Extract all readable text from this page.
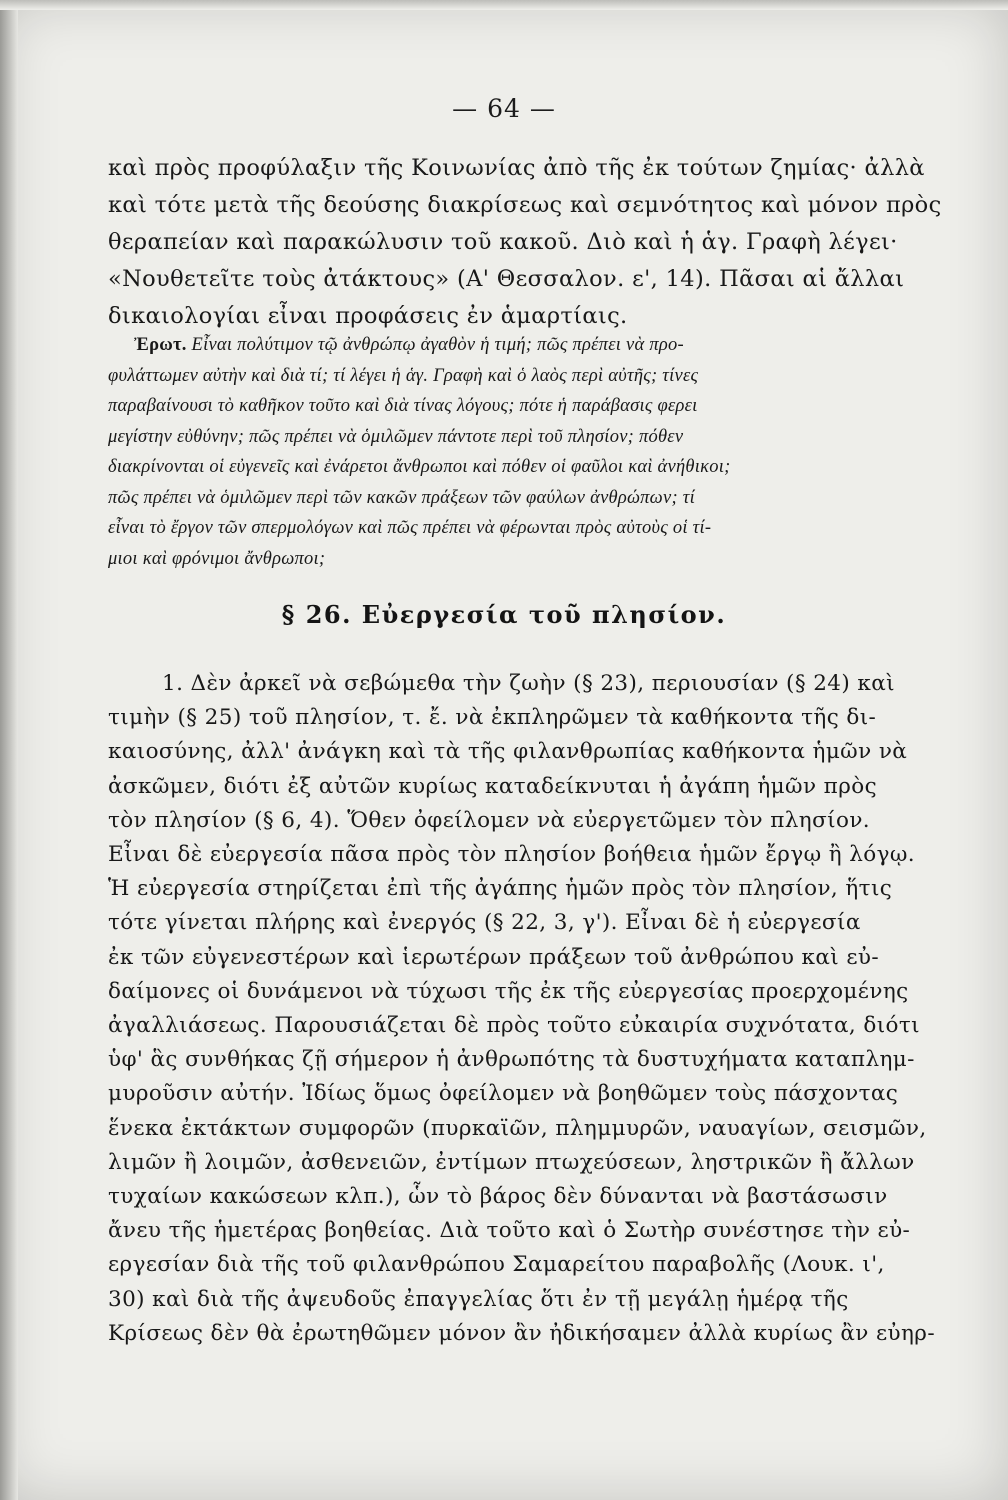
— 64 —
καὶ πρὸς προφύλαξιν τῆς Κοινωνίας ἀπὸ τῆς ἐκ τούτων ζημίας· ἀλλὰ
καὶ τότε μετὰ τῆς δεούσης διακρίσεως καὶ σεμνότητος καὶ μόνον πρὸς
θεραπείαν καὶ παρακώλυσιν τοῦ κακοῦ. Διὸ καὶ ἡ ἁγ. Γραφὴ λέγει·
«Νουθετεῖτε τοὺς ἀτάκτους» (Α' Θεσσαλον. ε', 14). Πᾶσαι αἱ ἄλλαι
δικαιολογίαι εἶναι προφάσεις ἐν ἁμαρτίαις.
Ἐρωτ. Εἶναι πολύτιμον τῷ ἀνθρώπῳ ἀγαθὸν ἡ τιμή; πῶς πρέπει νὰ προ-
φυλάττωμεν αὐτὴν καὶ διὰ τί; τί λέγει ἡ ἁγ. Γραφὴ καὶ ὁ λαὸς περὶ αὐτῆς; τίνες
παραβαίνουσι τὸ καθῆκον τοῦτο καὶ διὰ τίνας λόγους; πότε ἡ παράβασις φερει
μεγίστην εὐθύνην; πῶς πρέπει νὰ ὁμιλῶμεν πάντοτε περὶ τοῦ πλησίον; πόθεν
διακρίνονται οἱ εὐγενεῖς καὶ ἐνάρετοι ἄνθρωποι καὶ πόθεν οἱ φαῦλοι καὶ ἀνήθικοι;
πῶς πρέπει νὰ ὁμιλῶμεν περὶ τῶν κακῶν πράξεων τῶν φαύλων ἀνθρώπων; τί
εἶναι τὸ ἔργον τῶν σπερμολόγων καὶ πῶς πρέπει νὰ φέρωνται πρὸς αὐτοὺς οἱ τί-
μιοι καὶ φρόνιμοι ἄνθρωποι;
§ 26. Εὐεργεσία τοῦ πλησίον.
1. Δὲν ἀρκεῖ νὰ σεβώμεθα τὴν ζωὴν (§ 23), περιουσίαν (§ 24) καὶ
τιμὴν (§ 25) τοῦ πλησίον, τ. ἔ. νὰ ἐκπληρῶμεν τὰ καθήκοντα τῆς δι-
καιοσύνης, ἀλλ' ἀνάγκη καὶ τὰ τῆς φιλανθρωπίας καθήκοντα ἡμῶν νὰ
ἀσκῶμεν, διότι ἐξ αὐτῶν κυρίως καταδείκνυται ἡ ἀγάπη ἡμῶν πρὸς
τὸν πλησίον (§ 6, 4). Ὅθεν ὀφείλομεν νὰ εὐεργετῶμεν τὸν πλησίον.
Εἶναι δὲ εὐεργεσία πᾶσα πρὸς τὸν πλησίον βοήθεια ἡμῶν ἔργῳ ἢ λόγῳ.
Ἡ εὐεργεσία στηρίζεται ἐπὶ τῆς ἀγάπης ἡμῶν πρὸς τὸν πλησίον, ἥτις
τότε γίνεται πλήρης καὶ ἐνεργός (§ 22, 3, γ'). Εἶναι δὲ ἡ εὐεργεσία
ἐκ τῶν εὐγενεστέρων καὶ ἱερωτέρων πράξεων τοῦ ἀνθρώπου καὶ εὐ-
δαίμονες οἱ δυνάμενοι νὰ τύχωσι τῆς ἐκ τῆς εὐεργεσίας προερχομένης
ἀγαλλιάσεως. Παρουσιάζεται δὲ πρὸς τοῦτο εὐκαιρία συχνότατα, διότι
ὑφ' ἃς συνθήκας ζῇ σήμερον ἡ ἀνθρωπότης τὰ δυστυχήματα καταπλημ-
μυροῦσιν αὐτήν. Ἰδίως ὅμως ὀφείλομεν νὰ βοηθῶμεν τοὺς πάσχοντας
ἕνεκα ἐκτάκτων συμφορῶν (πυρκαϊῶν, πλημμυρῶν, ναυαγίων, σεισμῶν,
λιμῶν ἢ λοιμῶν, ἀσθενειῶν, ἐντίμων πτωχεύσεων, ληστρικῶν ἢ ἄλλων
τυχαίων κακώσεων κλπ.), ὧν τὸ βάρος δὲν δύνανται νὰ βαστάσωσιν
ἄνευ τῆς ἡμετέρας βοηθείας. Διὰ τοῦτο καὶ ὁ Σωτὴρ συνέστησε τὴν εὐ-
εργεσίαν διὰ τῆς τοῦ φιλανθρώπου Σαμαρείτου παραβολῆς (Λουκ. ι',
30) καὶ διὰ τῆς ἀψευδοῦς ἐπαγγελίας ὅτι ἐν τῇ μεγάλῃ ἡμέρᾳ τῆς
Κρίσεως δὲν θὰ ἐρωτηθῶμεν μόνον ἂν ἠδικήσαμεν ἀλλὰ κυρίως ἂν εὐηρ-
